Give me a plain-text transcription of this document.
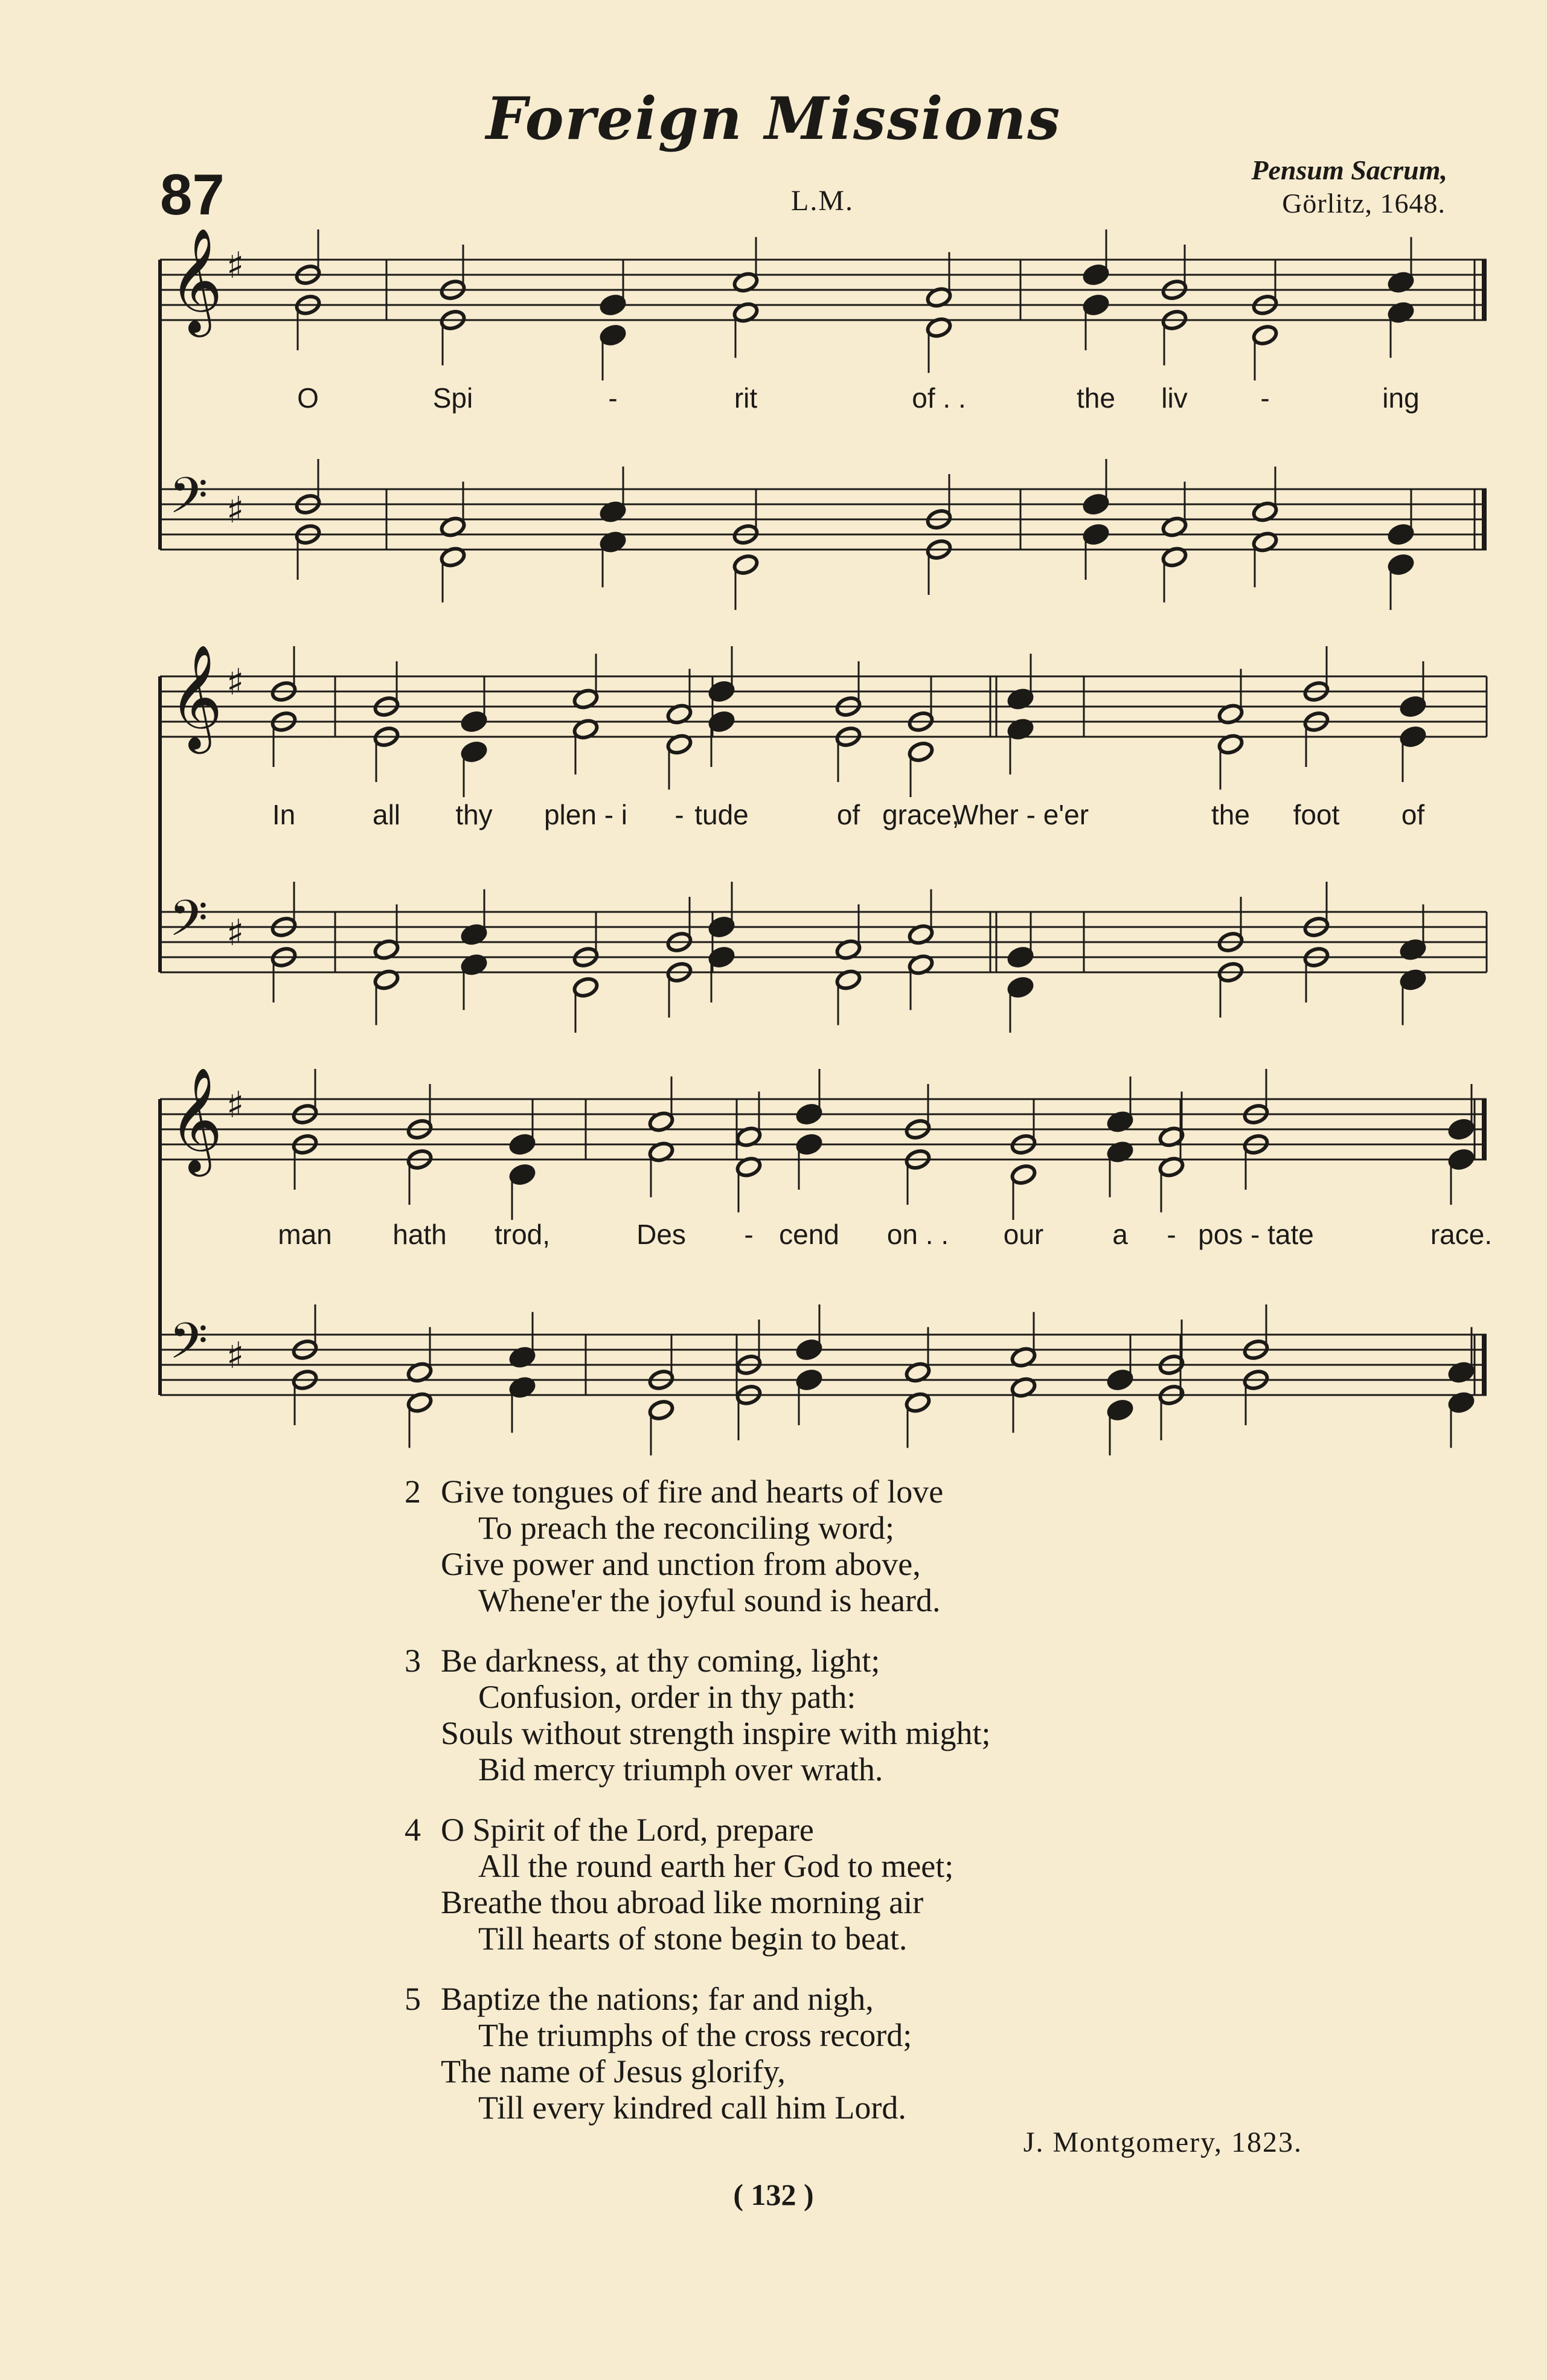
Foreign Missions
87	L.M.
Pensum Sacrum,
Görlitz, 1648.
𝄞 ♯
𝄢 ♯
O	Spi	-	rit	of . .	the liv	-	ing
𝄞 ♯
𝄢 ♯
In	all thy plen - i - tude	of grace,
Wher - e'er	the foot of
𝄞 ♯
𝄢 ♯
man hath trod,	Des - cend on . . our a - pos - tate	race.
2 Give tongues of fire and hearts of love
To preach the reconciling word;
Give power and unction from above,
Whene'er the joyful sound is heard.
3 Be darkness, at thy coming, light;
Confusion, order in thy path:
Souls without strength inspire with might;
Bid mercy triumph over wrath.
4 O Spirit of the Lord, prepare
All the round earth her God to meet;
Breathe thou abroad like morning air
Till hearts of stone begin to beat.
5 Baptize the nations; far and nigh,
The triumphs of the cross record;
The name of Jesus glorify,
Till every kindred call him Lord.
J. Montgomery, 1823.
( 132 )
